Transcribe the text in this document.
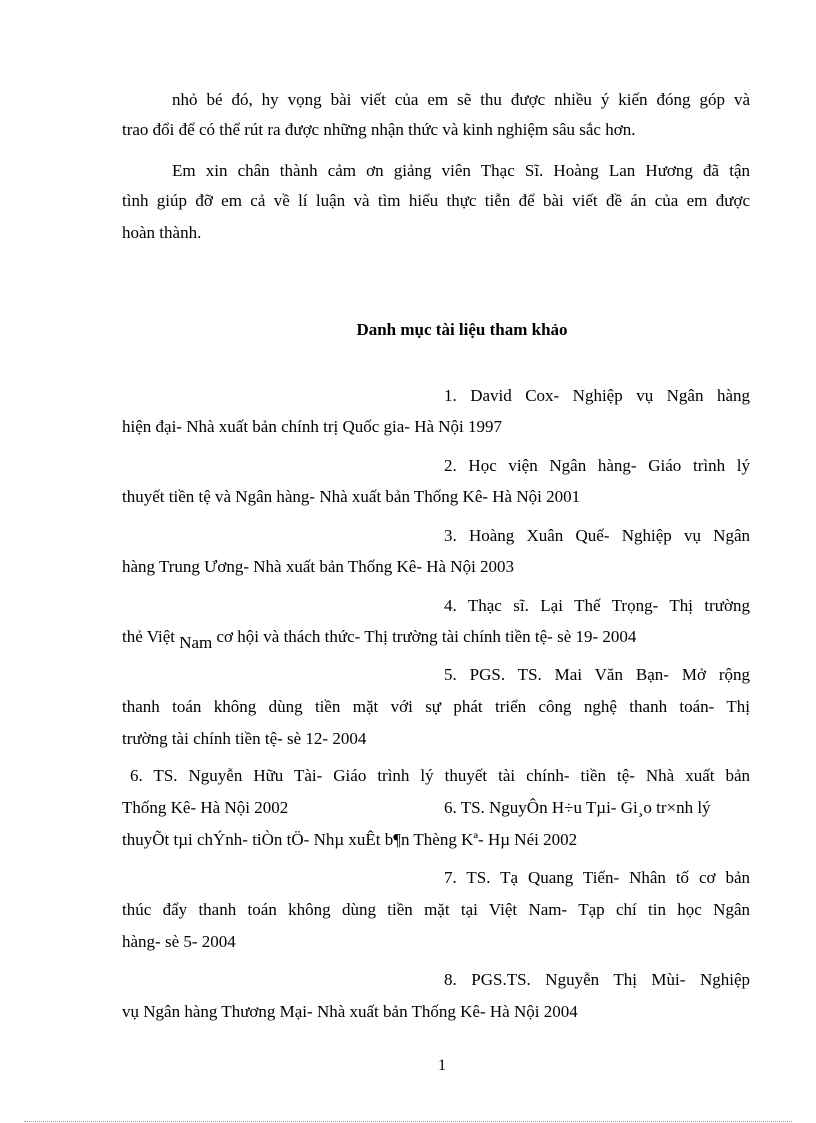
nhỏ bé đó, hy vọng bài viết của em sẽ thu được nhiều ý kiến đóng góp và
trao đổi để có thể rút ra được những nhận thức và kinh nghiệm sâu sắc hơn.
Em xin chân thành cảm ơn giảng viên Thạc Sĩ. Hoàng Lan Hương đã tận
tình giúp đỡ em cả về lí luận và tìm hiểu thực tiễn để bài viết đề án của em được
hoàn thành.
Danh mục tài liệu tham khảo
1. David Cox- Nghiệp vụ Ngân hàng
hiện đại- Nhà xuất bản chính trị Quốc gia- Hà Nội 1997
2. Học viện Ngân hàng- Giáo trình lý
thuyết tiền tệ và Ngân hàng- Nhà xuất bản Thống Kê- Hà Nội 2001
3. Hoàng Xuân Quế- Nghiệp vụ Ngân
hàng Trung Ương- Nhà xuất bản Thống Kê- Hà Nội 2003
4. Thạc sĩ. Lại Thế Trọng- Thị trường
thẻ Việt Nam cơ hội và thách thức- Thị trường tài chính tiền tệ- sè 19- 2004
5. PGS. TS. Mai Văn Bạn- Mở rộng
thanh toán không dùng tiền mặt với sự phát triển công nghệ thanh toán- Thị
trường tài chính tiền tệ- sè 12- 2004
6. TS. Nguyễn Hữu Tài- Giáo trình lý thuyết tài chính- tiền tệ- Nhà xuất bản
Thống Kê- Hà Nội 2002	6. TS. NguyÔn H÷u Tµi- Gi¸o tr×nh lý
thuyÕt tµi chÝnh- tiÒn tÖ- Nhµ xuÊt b¶n Thèng Kª- Hµ Néi 2002
7. TS. Tạ Quang Tiến- Nhân tố cơ bản
thúc đẩy thanh toán không dùng tiền mặt tại Việt Nam- Tạp chí tin học Ngân
hàng- sè 5- 2004
8. PGS.TS. Nguyễn Thị Mùi- Nghiệp
vụ Ngân hàng Thương Mại- Nhà xuất bản Thống Kê- Hà Nội 2004
1
